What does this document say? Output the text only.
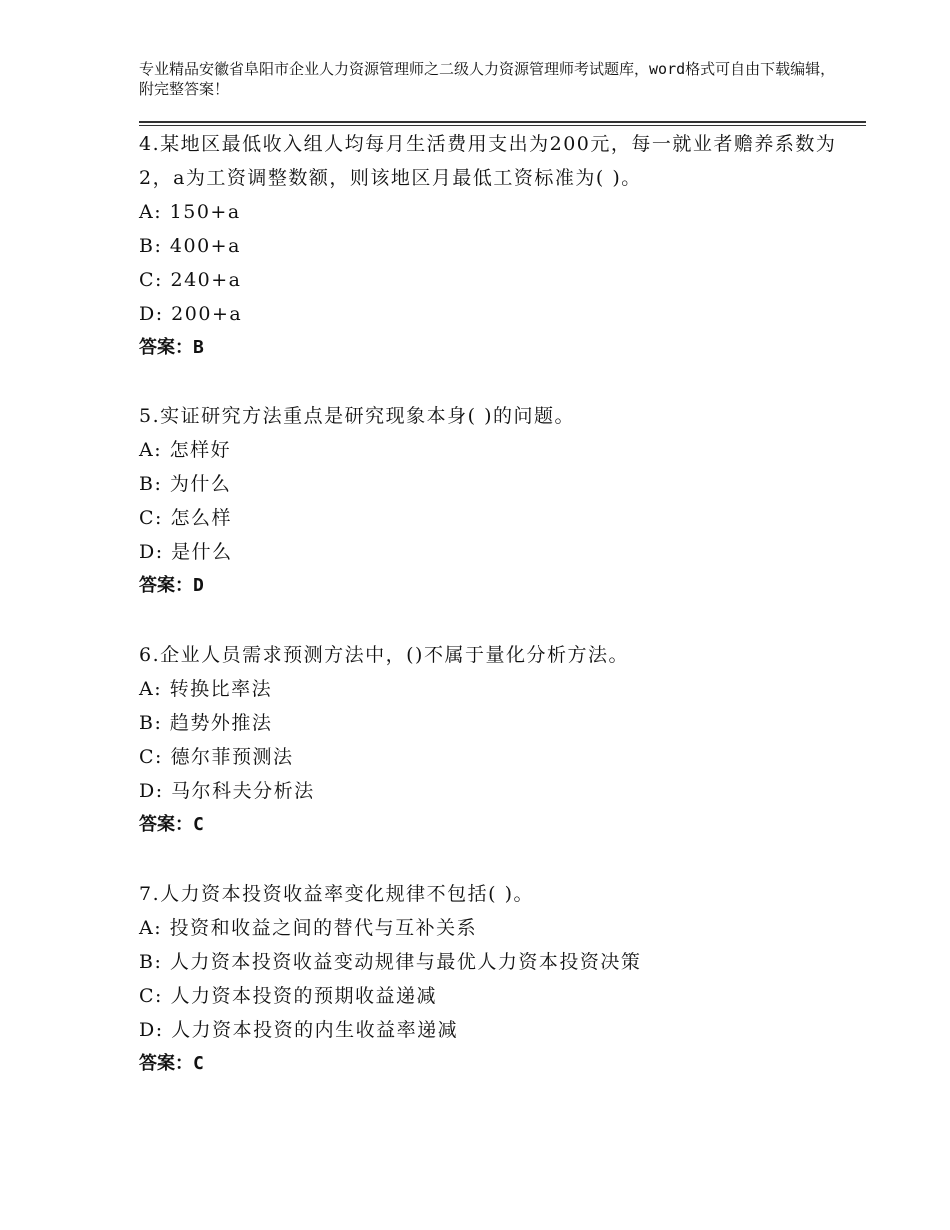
专业精品安徽省阜阳市企业人力资源管理师之二级人力资源管理师考试题库，word格式可自由下载编辑，附完整答案！

4.某地区最低收入组人均每月生活费用支出为200元，每一就业者赡养系数为2，a为工资调整数额，则该地区月最低工资标准为( )。

A: 150+a

B: 400+a

C: 240+a

D: 200+a

答案：B

5.实证研究方法重点是研究现象本身( )的问题。

A: 怎样好

B: 为什么

C: 怎么样

D: 是什么

答案：D

6.企业人员需求预测方法中，()不属于量化分析方法。

A: 转换比率法

B: 趋势外推法

C: 德尔菲预测法

D: 马尔科夫分析法

答案：C

7.人力资本投资收益率变化规律不包括( )。

A: 投资和收益之间的替代与互补关系

B: 人力资本投资收益变动规律与最优人力资本投资决策

C: 人力资本投资的预期收益递减

D: 人力资本投资的内生收益率递减

答案：C
